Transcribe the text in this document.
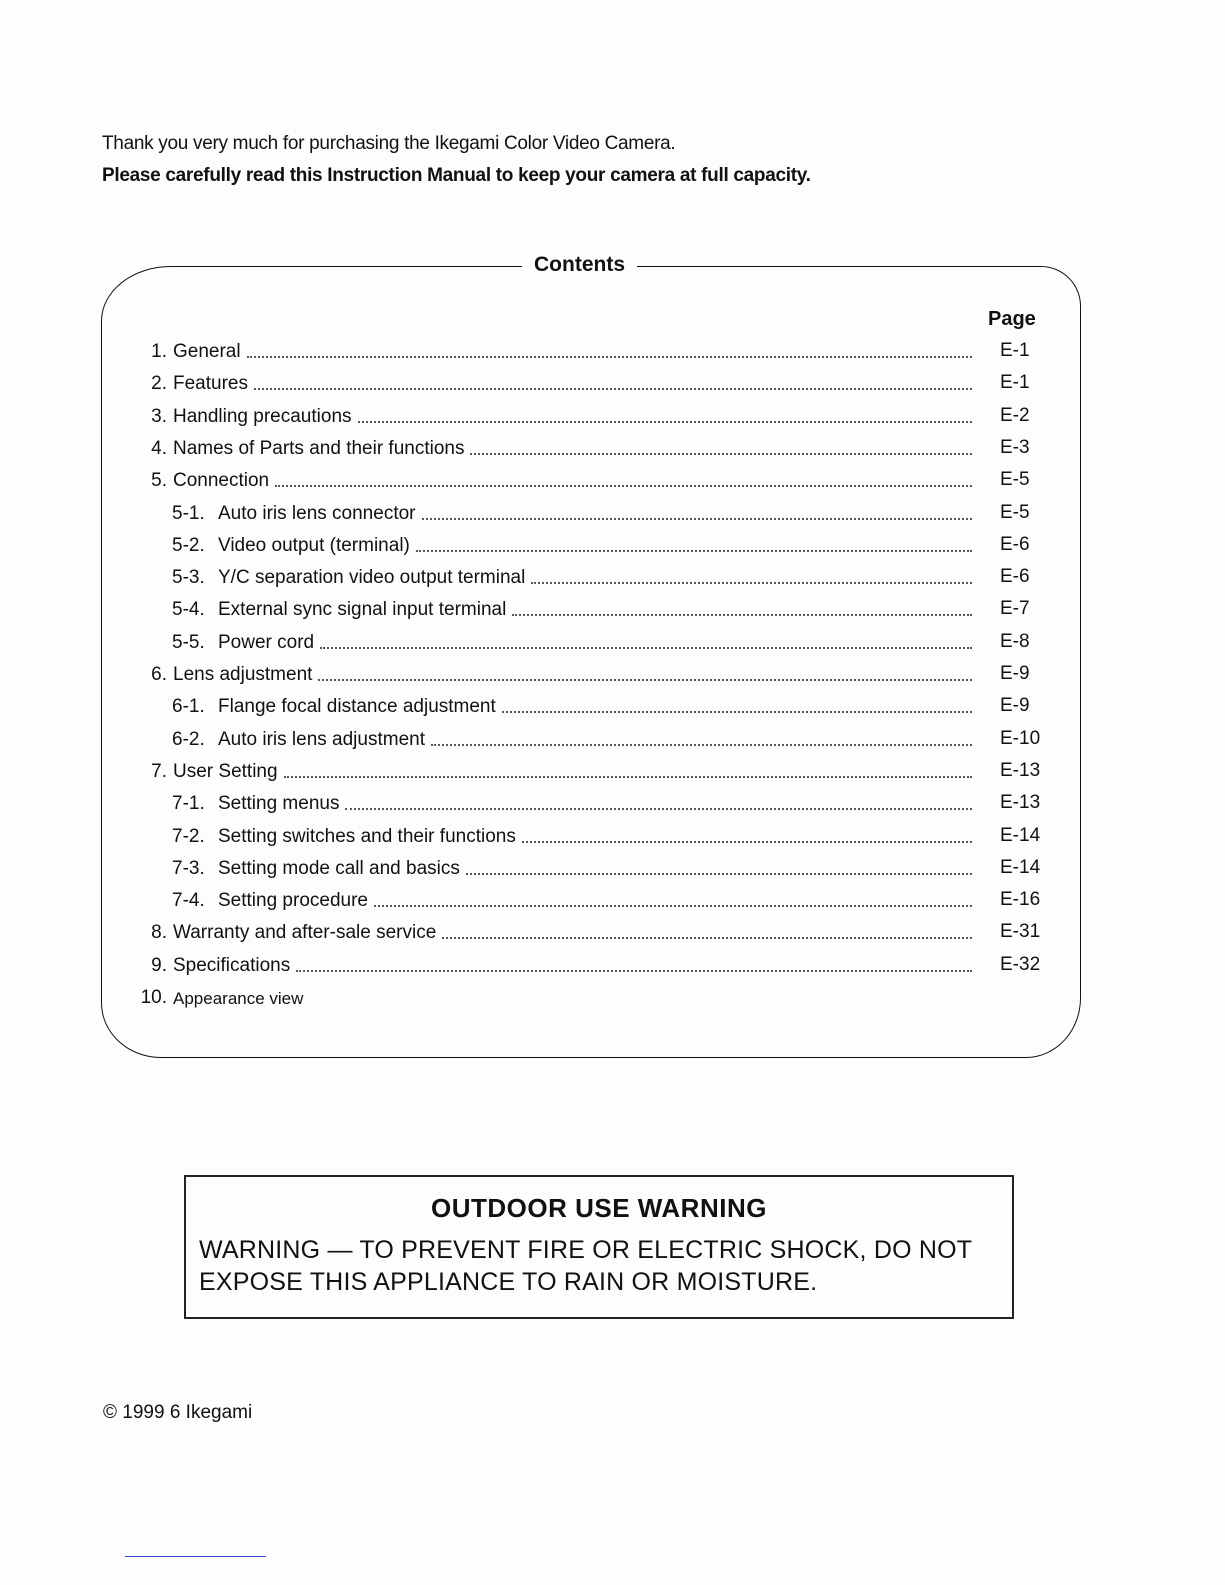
Thank you very much for purchasing the Ikegami Color Video Camera.
Please carefully read this Instruction Manual to keep your camera at full capacity.
Contents
Page
E-1
1. General
E-1
2. Features
E-2
3. Handling precautions
E-3
4. Names of Parts and their functions
E-5
5. Connection
E-5
5-1. Auto iris lens connector
E-6
5-2. Video output (terminal)
E-6
5-3. Y/C separation video output terminal
E-7
5-4. External sync signal input terminal
E-8
5-5. Power cord
E-9
6. Lens adjustment
E-9
6-1. Flange focal distance adjustment
E-10
6-2. Auto iris lens adjustment
E-13
7. User Setting
E-13
7-1. Setting menus
E-14
7-2. Setting switches and their functions
E-14
7-3. Setting mode call and basics
E-16
7-4. Setting procedure
E-31
8. Warranty and after-sale service
E-32
9. Specifications
10. Appearance view
OUTDOOR USE WARNING
WARNING — TO PREVENT FIRE OR ELECTRIC SHOCK, DO NOT
EXPOSE THIS APPLIANCE TO RAIN OR MOISTURE.
© 1999 6 Ikegami
